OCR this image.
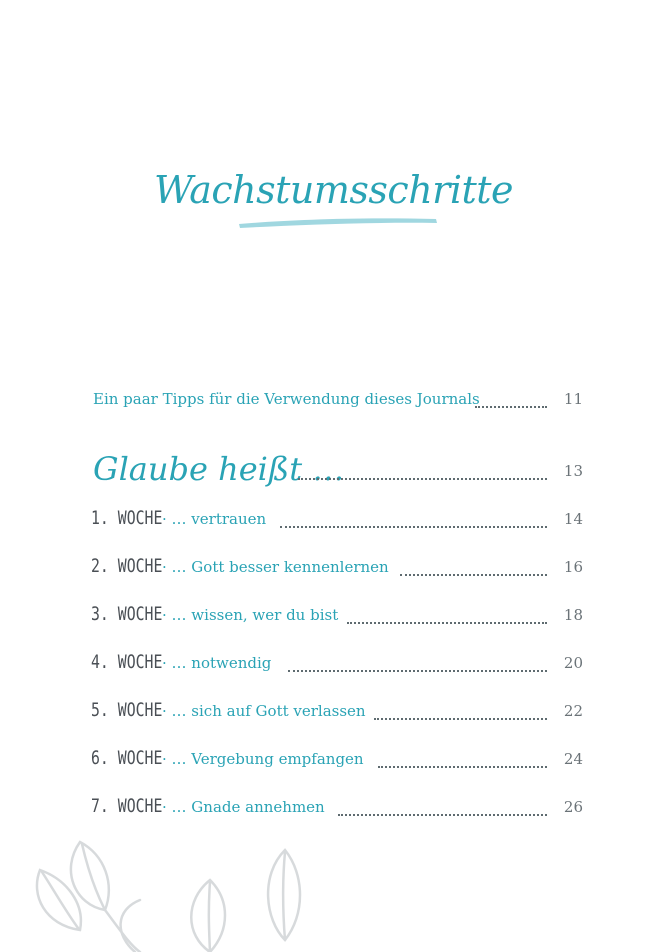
Wachstumsschritte
Ein paar Tipps für die Verwendung dieses Journals	11
Glaube heißt …	13
1. WOCHE · … vertrauen	14
2. WOCHE · … Gott besser kennenlernen	16
3. WOCHE · … wissen, wer du bist	18
4. WOCHE · … notwendig	20
5. WOCHE · … sich auf Gott verlassen	22
6. WOCHE · … Vergebung empfangen	24
7. WOCHE · … Gnade annehmen	26
